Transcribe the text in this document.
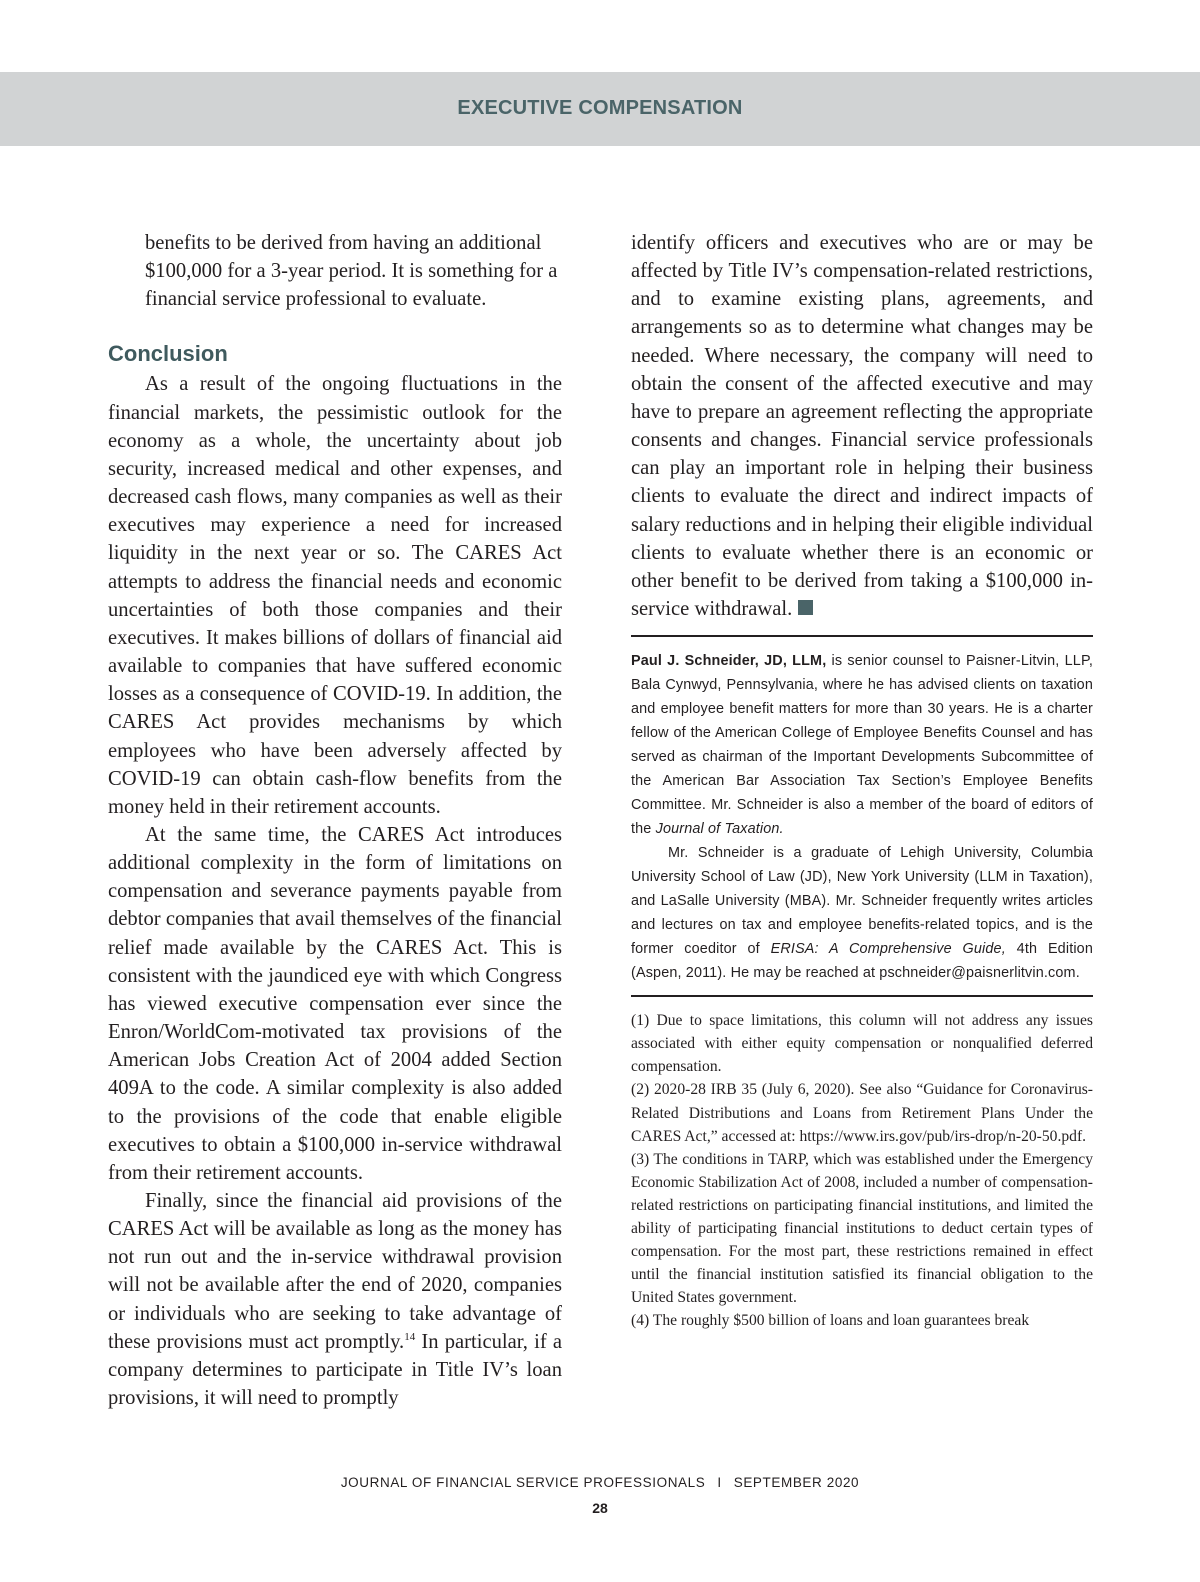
EXECUTIVE COMPENSATION

benefits to be derived from having an additional $100,000 for a 3-year period. It is something for a financial service professional to evaluate.

Conclusion

As a result of the ongoing fluctuations in the financial markets, the pessimistic outlook for the economy as a whole, the uncertainty about job security, increased medical and other expenses, and decreased cash flows, many companies as well as their executives may experience a need for increased liquidity in the next year or so. The CARES Act attempts to address the financial needs and economic uncertainties of both those companies and their executives. It makes billions of dollars of financial aid available to companies that have suffered economic losses as a consequence of COVID-19. In addition, the CARES Act provides mechanisms by which employees who have been adversely affected by COVID-19 can obtain cash-flow benefits from the money held in their retirement accounts.

At the same time, the CARES Act introduces additional complexity in the form of limitations on compensation and severance payments payable from debtor companies that avail themselves of the financial relief made available by the CARES Act. This is consistent with the jaundiced eye with which Congress has viewed executive compensation ever since the Enron/WorldCom-motivated tax provisions of the American Jobs Creation Act of 2004 added Section 409A to the code. A similar complexity is also added to the provisions of the code that enable eligible executives to obtain a $100,000 in-service withdrawal from their retirement accounts.

Finally, since the financial aid provisions of the CARES Act will be available as long as the money has not run out and the in-service withdrawal provision will not be available after the end of 2020, companies or individuals who are seeking to take advantage of these provisions must act promptly.$^{14}$ In particular, if a company determines to participate in Title IV’s loan provisions, it will need to promptly

identify officers and executives who are or may be affected by Title IV’s compensation-related restrictions, and to examine existing plans, agreements, and arrangements so as to determine what changes may be needed. Where necessary, the company will need to obtain the consent of the affected executive and may have to prepare an agreement reflecting the appropriate consents and changes. Financial service professionals can play an important role in helping their business clients to evaluate the direct and indirect impacts of salary reductions and in helping their eligible individual clients to evaluate whether there is an economic or other benefit to be derived from taking a $100,000 in-service withdrawal.

Paul J. Schneider, JD, LLM, is senior counsel to Paisner-Litvin, LLP, Bala Cynwyd, Pennsylvania, where he has advised clients on taxation and employee benefit matters for more than 30 years. He is a charter fellow of the American College of Employee Benefits Counsel and has served as chairman of the Important Developments Subcommittee of the American Bar Association Tax Section’s Employee Benefits Committee. Mr. Schneider is also a member of the board of editors of the Journal of Taxation.

Mr. Schneider is a graduate of Lehigh University, Columbia University School of Law (JD), New York University (LLM in Taxation), and LaSalle University (MBA). Mr. Schneider frequently writes articles and lectures on tax and employee benefits-related topics, and is the former coeditor of ERISA: A Comprehensive Guide, 4th Edition (Aspen, 2011). He may be reached at pschneider@paisnerlitvin.com.

(1) Due to space limitations, this column will not address any issues associated with either equity compensation or nonqualified deferred compensation.

(2) 2020-28 IRB 35 (July 6, 2020). See also “Guidance for Coronavirus-Related Distributions and Loans from Retirement Plans Under the CARES Act,” accessed at: https://www.irs.gov/pub/irs-drop/n-20-50.pdf.

(3) The conditions in TARP, which was established under the Emergency Economic Stabilization Act of 2008, included a number of compensation-related restrictions on participating financial institutions, and limited the ability of participating financial institutions to deduct certain types of compensation. For the most part, these restrictions remained in effect until the financial institution satisfied its financial obligation to the United States government.

(4) The roughly $500 billion of loans and loan guarantees break

JOURNAL OF FINANCIAL SERVICE PROFESSIONALS I SEPTEMBER 2020
28
